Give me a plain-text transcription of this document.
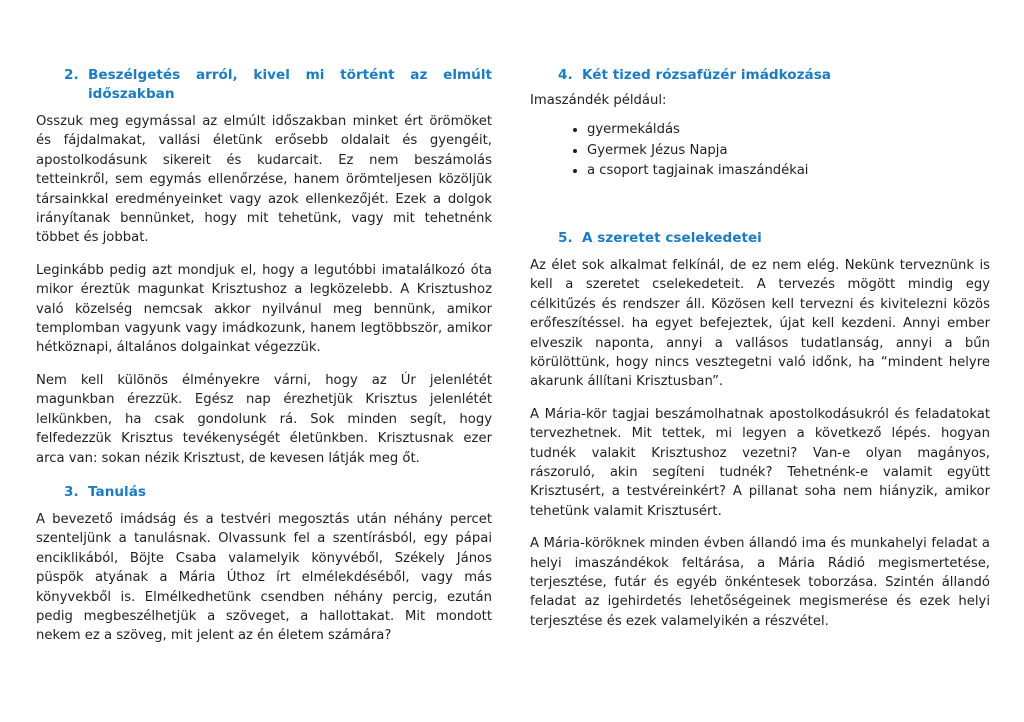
2. Beszélgetés arról, kivel mi történt az elmúlt időszakban

Osszuk meg egymással az elmúlt időszakban minket ért örömöket és fájdalmakat, vallási életünk erősebb oldalait és gyengéit, apostolkodásunk sikereit és kudarcait. Ez nem beszámolás tetteinkről, sem egymás ellenőrzése, hanem örömteljesen közöljük társainkkal eredményeinket vagy azok ellenkezőjét. Ezek a dolgok irányítanak bennünket, hogy mit tehetünk, vagy mit tehetnénk többet és jobbat.

Leginkább pedig azt mondjuk el, hogy a legutóbbi imatalálkozó óta mikor éreztük magunkat Krisztushoz a legközelebb. A Krisztushoz való közelség nemcsak akkor nyilvánul meg bennünk, amikor templomban vagyunk vagy imádkozunk, hanem legtöbbször, amikor hétköznapi, általános dolgainkat végezzük.

Nem kell különös élményekre várni, hogy az Úr jelenlétét magunkban érezzük. Egész nap érezhetjük Krisztus jelenlétét lelkünkben, ha csak gondolunk rá. Sok minden segít, hogy felfedezzük Krisztus tevékenységét életünkben. Krisztusnak ezer arca van: sokan nézik Krisztust, de kevesen látják meg őt.

3. Tanulás

A bevezető imádság és a testvéri megosztás után néhány percet szenteljünk a tanulásnak. Olvassunk fel a szentírásból, egy pápai enciklikából, Böjte Csaba valamelyik könyvéből, Székely János püspök atyának a Mária Úthoz írt elmélekdéséből, vagy más könyvekből is. Elmélkedhetünk csendben néhány percig, ezután pedig megbeszélhetjük a szöveget, a hallottakat. Mit mondott nekem ez a szöveg, mit jelent az én életem számára?

4. Két tized rózsafüzér imádkozása

Imaszándék például:

• gyermekáldás
• Gyermek Jézus Napja
• a csoport tagjainak imaszándékai
5. A szeretet cselekedetei

Az élet sok alkalmat felkínál, de ez nem elég. Nekünk terveznünk is kell a szeretet cselekedeteit. A tervezés mögött mindig egy célkitűzés és rendszer áll. Közösen kell tervezni és kivitelezni közös erőfeszítéssel. ha egyet befejeztek, újat kell kezdeni. Annyi ember elveszik naponta, annyi a vallásos tudatlanság, annyi a bűn körülöttünk, hogy nincs vesztegetni való időnk, ha “mindent helyre akarunk állítani Krisztusban”.

A Mária-kör tagjai beszámolhatnak apostolkodásukról és feladatokat tervezhetnek. Mit tettek, mi legyen a következő lépés. hogyan tudnék valakit Krisztushoz vezetni? Van-e olyan magányos, rászoruló, akin segíteni tudnék? Tehetnénk-e valamit együtt Krisztusért, a testvéreinkért? A pillanat soha nem hiányzik, amikor tehetünk valamit Krisztusért.

A Mária-köröknek minden évben állandó ima és munkahelyi feladat a helyi imaszándékok feltárása, a Mária Rádió megismertetése, terjesztése, futár és egyéb önkéntesek toborzása. Szintén állandó feladat az igehirdetés lehetőségeinek megismerése és ezek helyi terjesztése és ezek valamelyikén a részvétel.
